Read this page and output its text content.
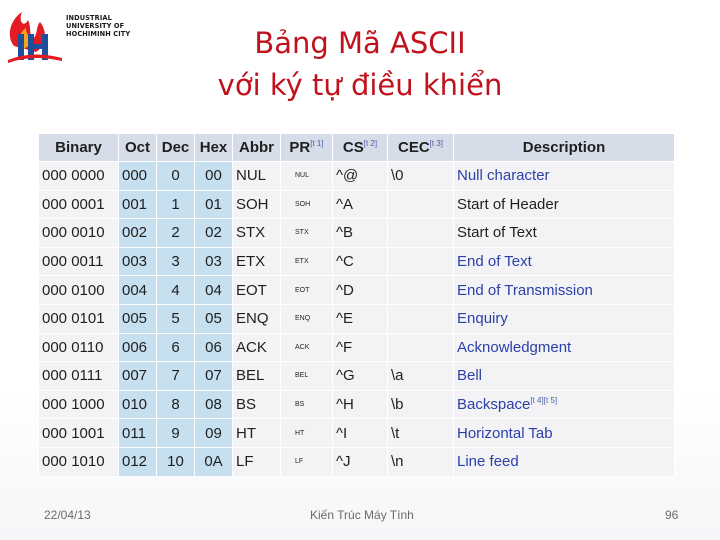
INDUSTRIAL
UNIVERSITY OF
HOCHIMINH CITY	Bảng Mã ASCII
với ký tự điều khiển
Binary	Oct	Dec	Hex	Abbr	PR[t 1]	CS[t 2]	CEC[t 3]	Description
000 0000	000	0	00	NUL	NUL	^@	\0	Null character
000 0001	001	1	01	SOH	SOH	^A		Start of Header
000 0010	002	2	02	STX	STX	^B		Start of Text
000 0011	003	3	03	ETX	ETX	^C		End of Text
000 0100	004	4	04	EOT	EOT	^D		End of Transmission
000 0101	005	5	05	ENQ	ENQ	^E		Enquiry
000 0110	006	6	06	ACK	ACK	^F		Acknowledgment
000 0111	007	7	07	BEL	BEL	^G	\a	Bell
000 1000	010	8	08	BS	BS	^H	\b	Backspace[t 4][t 5]
000 1001	011	9	09	HT	HT	^I	\t	Horizontal Tab
000 1010	012	10	0A	LF	LF	^J	\n	Line feed
22/04/13	Kiến Trúc Máy Tính	96
